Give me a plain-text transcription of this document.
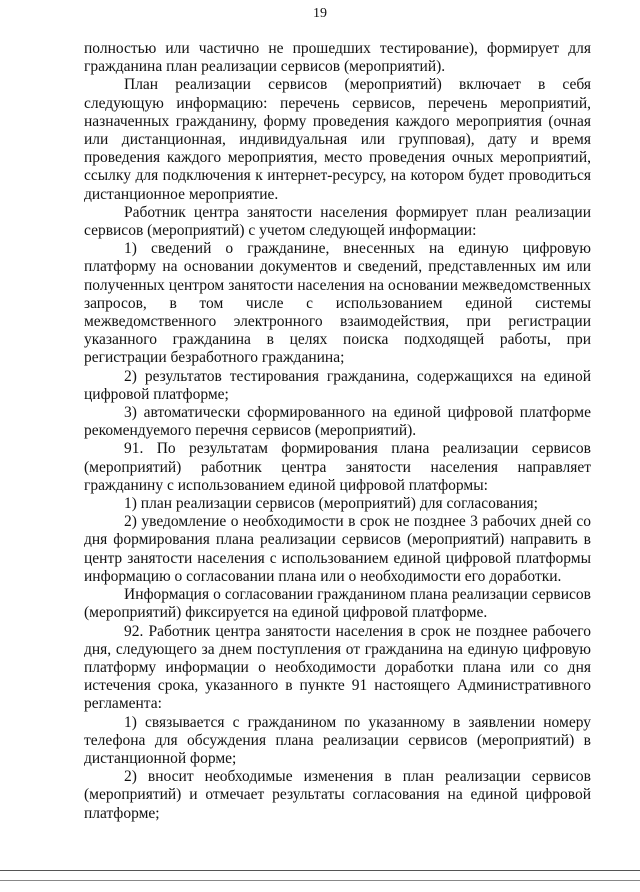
19

полностью или частично не прошедших тестирование), формирует для гражданина план реализации сервисов (мероприятий).

План реализации сервисов (мероприятий) включает в себя следующую информацию: перечень сервисов, перечень мероприятий, назначенных гражданину, форму проведения каждого мероприятия (очная или дистанционная, индивидуальная или групповая), дату и время проведения каждого мероприятия, место проведения очных мероприятий, ссылку для подключения к интернет-ресурсу, на котором будет проводиться дистанционное мероприятие.

Работник центра занятости населения формирует план реализации сервисов (мероприятий) с учетом следующей информации:

1) сведений о гражданине, внесенных на единую цифровую платформу на основании документов и сведений, представленных им или полученных центром занятости населения на основании межведомственных запросов, в том числе с использованием единой системы межведомственного электронного взаимодействия, при регистрации указанного гражданина в целях поиска подходящей работы, при регистрации безработного гражданина;

2) результатов тестирования гражданина, содержащихся на единой цифровой платформе;

3) автоматически сформированного на единой цифровой платформе рекомендуемого перечня сервисов (мероприятий).

91. По результатам формирования плана реализации сервисов (мероприятий) работник центра занятости населения направляет гражданину с использованием единой цифровой платформы:

1) план реализации сервисов (мероприятий) для согласования;

2) уведомление о необходимости в срок не позднее 3 рабочих дней со дня формирования плана реализации сервисов (мероприятий) направить в центр занятости населения с использованием единой цифровой платформы информацию о согласовании плана или о необходимости его доработки.

Информация о согласовании гражданином плана реализации сервисов (мероприятий) фиксируется на единой цифровой платформе.

92. Работник центра занятости населения в срок не позднее рабочего дня, следующего за днем поступления от гражданина на единую цифровую платформу информации о необходимости доработки плана или со дня истечения срока, указанного в пункте 91 настоящего Административного регламента:

1) связывается с гражданином по указанному в заявлении номеру телефона для обсуждения плана реализации сервисов (мероприятий) в дистанционной форме;

2) вносит необходимые изменения в план реализации сервисов (мероприятий) и отмечает результаты согласования на единой цифровой платформе;
